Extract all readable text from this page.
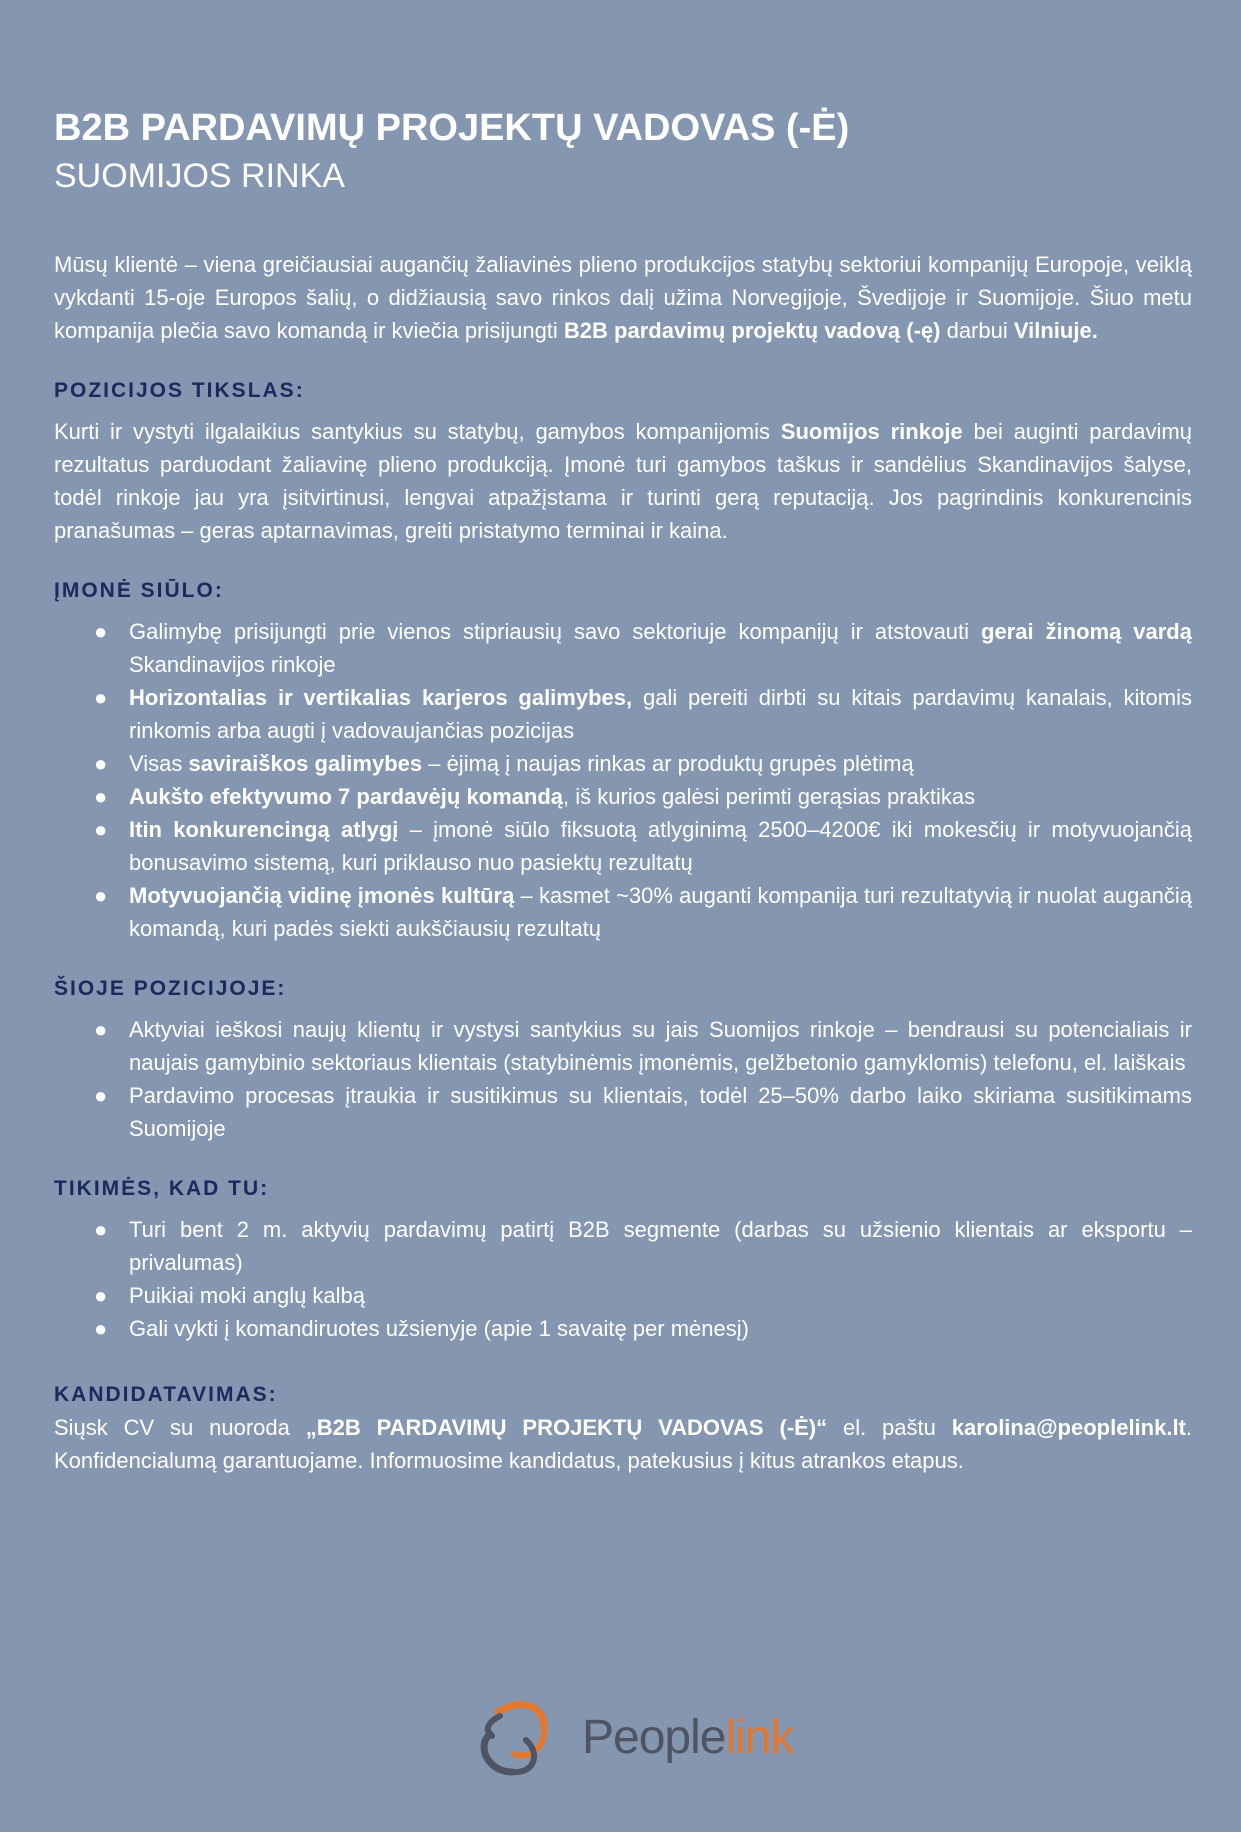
B2B PARDAVIMŲ PROJEKTŲ VADOVAS (-Ė)
SUOMIJOS RINKA

Mūsų klientė – viena greičiausiai augančių žaliavinės plieno produkcijos statybų sektoriui kompanijų Europoje, veiklą vykdanti 15-oje Europos šalių, o didžiausią savo rinkos dalį užima Norvegijoje, Švedijoje ir Suomijoje. Šiuo metu kompanija plečia savo komandą ir kviečia prisijungti B2B pardavimų projektų vadovą (-ę) darbui Vilniuje.

POZICIJOS TIKSLAS:

Kurti ir vystyti ilgalaikius santykius su statybų, gamybos kompanijomis Suomijos rinkoje bei auginti pardavimų rezultatus parduodant žaliavinę plieno produkciją. Įmonė turi gamybos taškus ir sandėlius Skandinavijos šalyse, todėl rinkoje jau yra įsitvirtinusi, lengvai atpažįstama ir turinti gerą reputaciją. Jos pagrindinis konkurencinis pranašumas – geras aptarnavimas, greiti pristatymo terminai ir kaina.

ĮMONĖ SIŪLO:
● Galimybę prisijungti prie vienos stipriausių savo sektoriuje kompanijų ir atstovauti gerai žinomą vardą Skandinavijos rinkoje
● Horizontalias ir vertikalias karjeros galimybes, gali pereiti dirbti su kitais pardavimų kanalais, kitomis rinkomis arba augti į vadovaujančias pozicijas
● Visas saviraiškos galimybes – ėjimą į naujas rinkas ar produktų grupės plėtimą
● Aukšto efektyvumo 7 pardavėjų komandą, iš kurios galėsi perimti gerąsias praktikas
● Itin konkurencingą atlygį – įmonė siūlo fiksuotą atlyginimą 2500–4200€ iki mokesčių ir motyvuojančią bonusavimo sistemą, kuri priklauso nuo pasiektų rezultatų
● Motyvuojančią vidinę įmonės kultūrą – kasmet ~30% auganti kompanija turi rezultatyvią ir nuolat augančią komandą, kuri padės siekti aukščiausių rezultatų
ŠIOJE POZICIJOJE:
● Aktyviai ieškosi naujų klientų ir vystysi santykius su jais Suomijos rinkoje – bendrausi su potencialiais ir naujais gamybinio sektoriaus klientais (statybinėmis įmonėmis, gelžbetonio gamyklomis) telefonu, el. laiškais
● Pardavimo procesas įtraukia ir susitikimus su klientais, todėl 25–50% darbo laiko skiriama susitikimams Suomijoje
TIKIMĖS, KAD TU:
● Turi bent 2 m. aktyvių pardavimų patirtį B2B segmente (darbas su užsienio klientais ar eksportu – privalumas)
● Puikiai moki anglų kalbą
● Gali vykti į komandiruotes užsienyje (apie 1 savaitę per mėnesį)
KANDIDATAVIMAS:

Siųsk CV su nuoroda „B2B PARDAVIMŲ PROJEKTŲ VADOVAS (-Ė)“ el. paštu karolina@peoplelink.lt. Konfidencialumą garantuojame. Informuosime kandidatus, patekusius į kitus atrankos etapus.

Peoplelink
